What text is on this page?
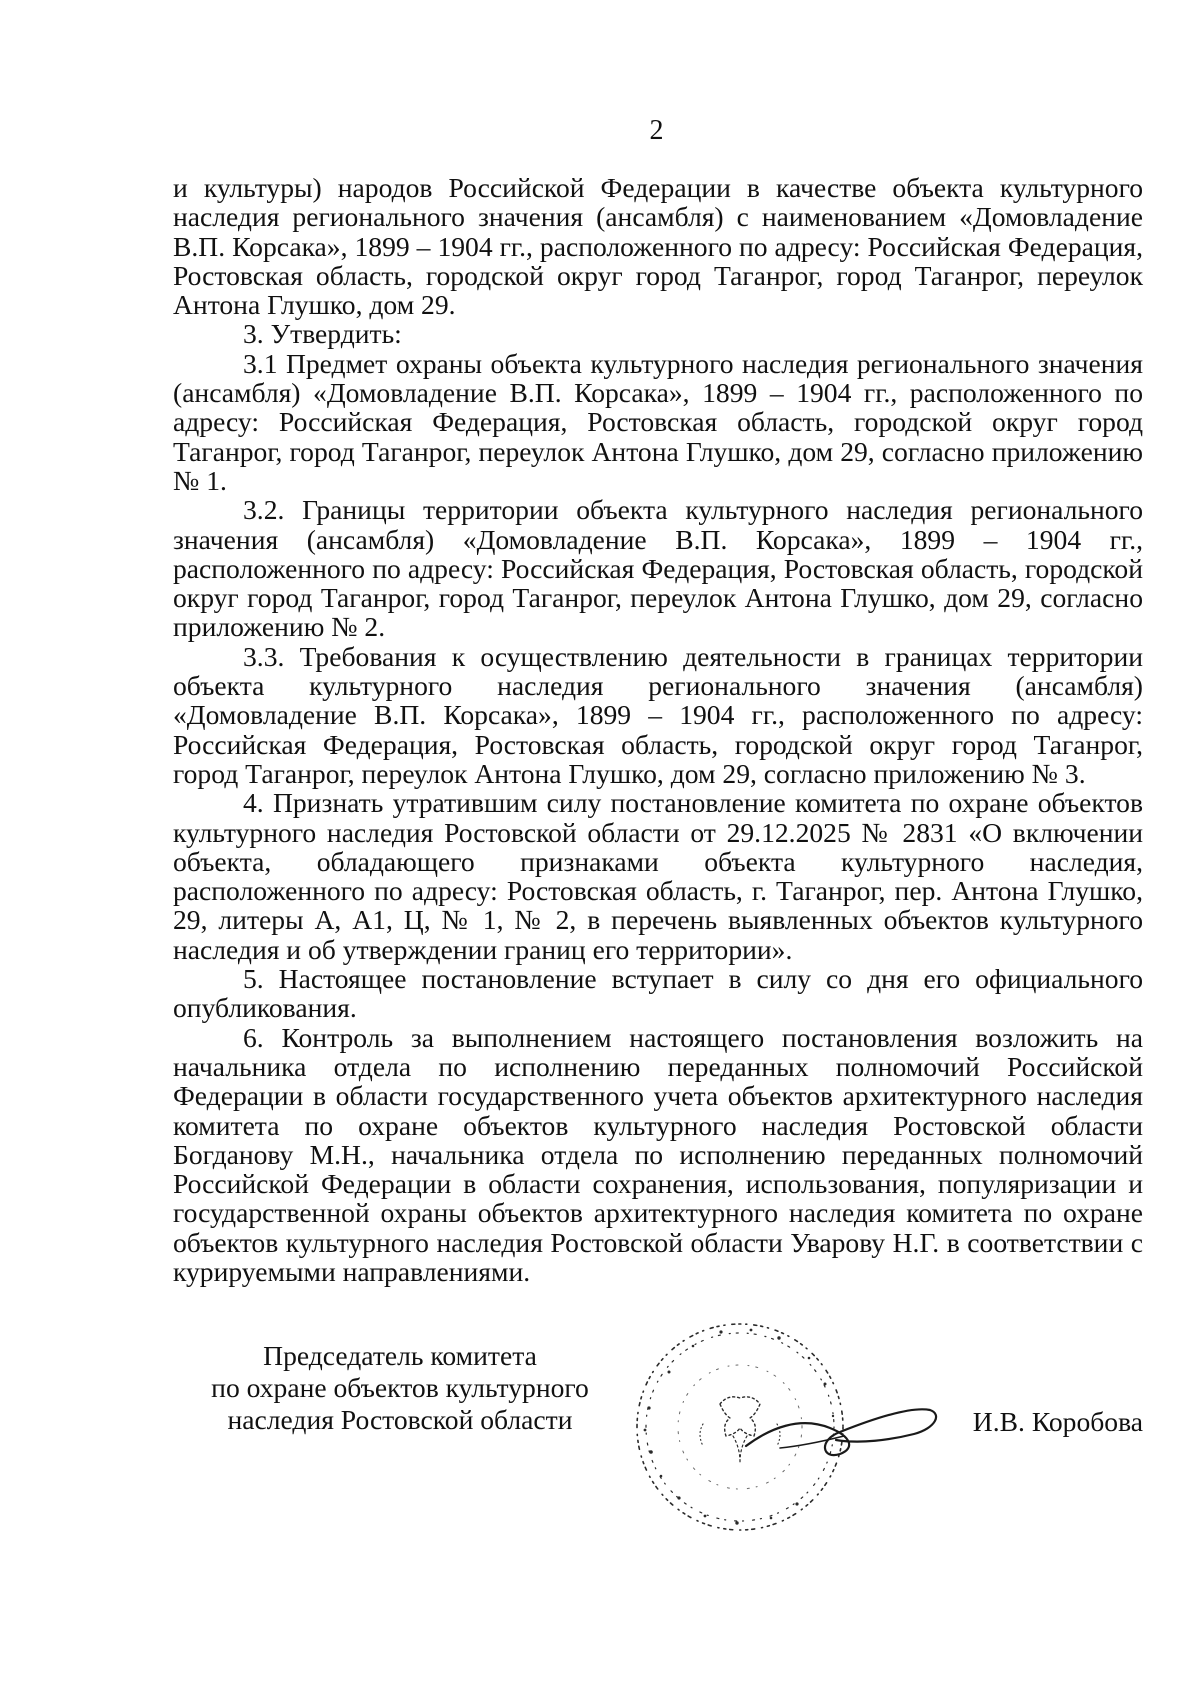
2

и культуры) народов Российской Федерации в качестве объекта культурного наследия регионального значения (ансамбля) с наименованием «Домовладение В.П. Корсака», 1899 – 1904 гг., расположенного по адресу: Российская Федерация, Ростовская область, городской округ город Таганрог, город Таганрог, переулок Антона Глушко, дом 29.

3. Утвердить:

3.1 Предмет охраны объекта культурного наследия регионального значения (ансамбля) «Домовладение В.П. Корсака», 1899 – 1904 гг., расположенного по адресу: Российская Федерация, Ростовская область, городской округ город Таганрог, город Таганрог, переулок Антона Глушко, дом 29, согласно приложению № 1.

3.2. Границы территории объекта культурного наследия регионального значения (ансамбля) «Домовладение В.П. Корсака», 1899 – 1904 гг., расположенного по адресу: Российская Федерация, Ростовская область, городской округ город Таганрог, город Таганрог, переулок Антона Глушко, дом 29, согласно приложению № 2.

3.3. Требования к осуществлению деятельности в границах территории объекта культурного наследия регионального значения (ансамбля) «Домовладение В.П. Корсака», 1899 – 1904 гг., расположенного по адресу: Российская Федерация, Ростовская область, городской округ город Таганрог, город Таганрог, переулок Антона Глушко, дом 29, согласно приложению № 3.

4. Признать утратившим силу постановление комитета по охране объектов культурного наследия Ростовской области от 29.12.2025 № 2831 «О включении объекта, обладающего признаками объекта культурного наследия, расположенного по адресу: Ростовская область, г. Таганрог, пер. Антона Глушко, 29, литеры А, А1, Ц, № 1, № 2, в перечень выявленных объектов культурного наследия и об утверждении границ его территории».

5. Настоящее постановление вступает в силу со дня его официального опубликования.

6. Контроль за выполнением настоящего постановления возложить на начальника отдела по исполнению переданных полномочий Российской Федерации в области государственного учета объектов архитектурного наследия комитета по охране объектов культурного наследия Ростовской области Богданову М.Н., начальника отдела по исполнению переданных полномочий Российской Федерации в области сохранения, использования, популяризации и государственной охраны объектов архитектурного наследия комитета по охране объектов культурного наследия Ростовской области Уварову Н.Г. в соответствии с курируемыми направлениями.

Председатель комитета
по охране объектов культурного
наследия Ростовской области	И.В. Коробова
